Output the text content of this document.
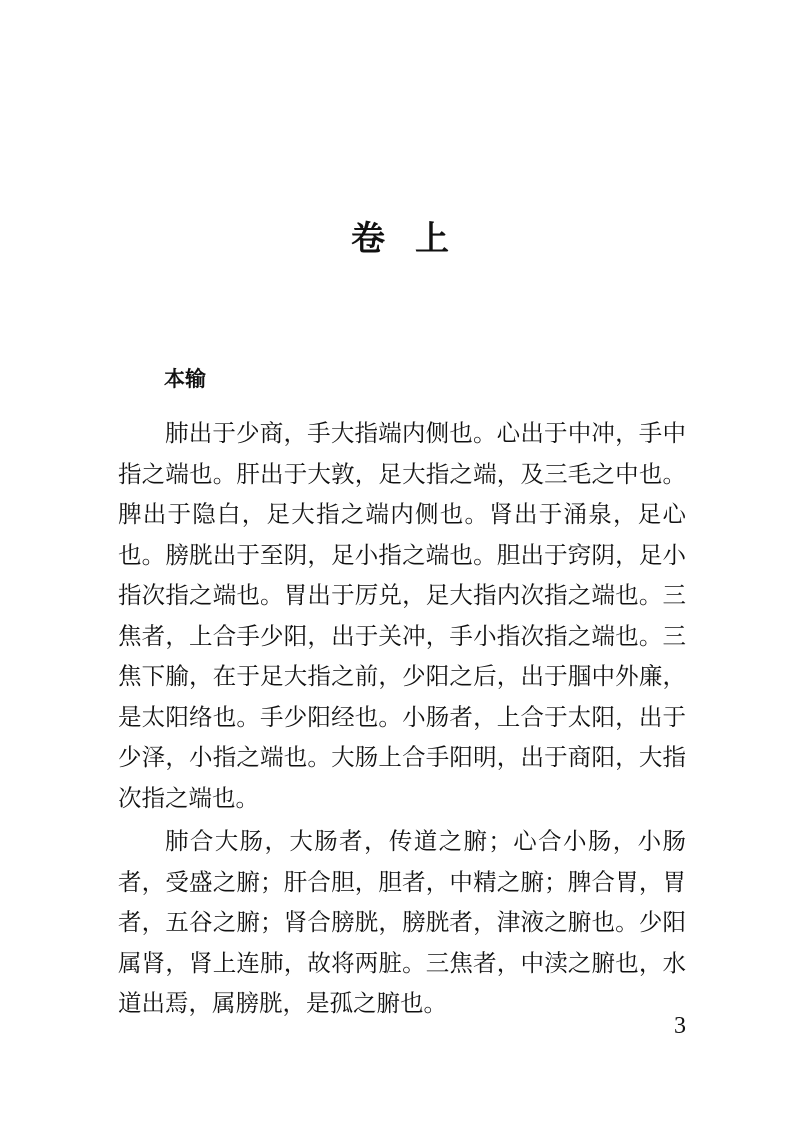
卷上
本输

肺出于少商，手大指端内侧也。心出于中冲，手中指之端也。肝出于大敦，足大指之端，及三毛之中也。脾出于隐白，足大指之端内侧也。肾出于涌泉，足心也。膀胱出于至阴，足小指之端也。胆出于窍阴，足小指次指之端也。胃出于厉兑，足大指内次指之端也。三焦者，上合手少阳，出于关冲，手小指次指之端也。三焦下腧，在于足大指之前，少阳之后，出于腘中外廉，是太阳络也。手少阳经也。小肠者，上合于太阳，出于少泽，小指之端也。大肠上合手阳明，出于商阳，大指次指之端也。

肺合大肠，大肠者，传道之腑；心合小肠，小肠者，受盛之腑；肝合胆，胆者，中精之腑；脾合胃，胃者，五谷之腑；肾合膀胱，膀胱者，津液之腑也。少阳属肾，肾上连肺，故将两脏。三焦者，中渎之腑也，水道出焉，属膀胱，是孤之腑也。

3
